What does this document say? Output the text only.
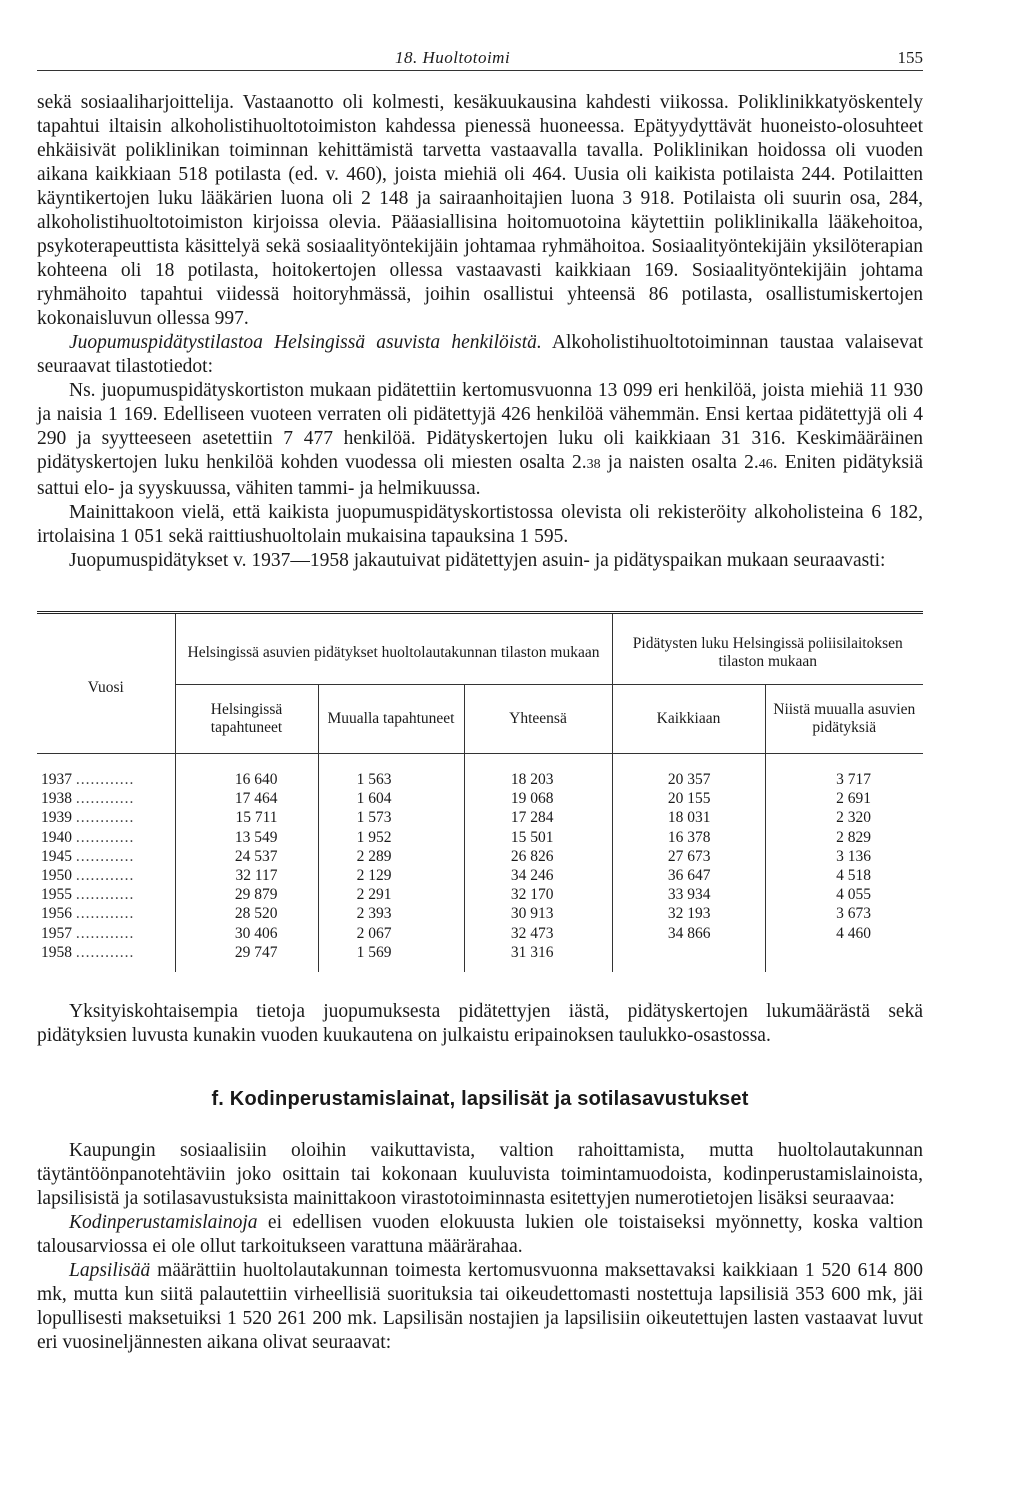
18. Huoltotoimi	155

sekä sosiaaliharjoittelija. Vastaanotto oli kolmesti, kesäkuukausina kahdesti viikossa. Poliklinikkatyöskentely tapahtui iltaisin alkoholistihuoltotoimiston kahdessa pienessä huoneessa. Epätyydyttävät huoneisto-olosuhteet ehkäisivät poliklinikan toiminnan kehittämistä tarvetta vastaavalla tavalla. Poliklinikan hoidossa oli vuoden aikana kaikkiaan 518 potilasta (ed. v. 460), joista miehiä oli 464. Uusia oli kaikista potilaista 244. Potilaitten käyntikertojen luku lääkärien luona oli 2 148 ja sairaanhoitajien luona 3 918. Potilaista oli suurin osa, 284, alkoholistihuoltotoimiston kirjoissa olevia. Pääasiallisina hoitomuotoina käytettiin poliklinikalla lääkehoitoa, psykoterapeuttista käsittelyä sekä sosiaalityöntekijäin johtamaa ryhmähoitoa. Sosiaalityöntekijäin yksilöterapian kohteena oli 18 potilasta, hoitokertojen ollessa vastaavasti kaikkiaan 169. Sosiaalityöntekijäin johtama ryhmähoito tapahtui viidessä hoitoryhmässä, joihin osallistui yhteensä 86 potilasta, osallistumiskertojen kokonaisluvun ollessa 997.

Juopumuspidätystilastoa Helsingissä asuvista henkilöistä. Alkoholistihuoltotoiminnan taustaa valaisevat seuraavat tilastotiedot:

Ns. juopumuspidätyskortiston mukaan pidätettiin kertomusvuonna 13 099 eri henkilöä, joista miehiä 11 930 ja naisia 1 169. Edelliseen vuoteen verraten oli pidätettyjä 426 henkilöä vähemmän. Ensi kertaa pidätettyjä oli 4 290 ja syytteeseen asetettiin 7 477 henkilöä. Pidätyskertojen luku oli kaikkiaan 31 316. Keskimääräinen pidätyskertojen luku henkilöä kohden vuodessa oli miesten osalta 2.38 ja naisten osalta 2.46. Eniten pidätyksiä sattui elo- ja syyskuussa, vähiten tammi- ja helmikuussa.

Mainittakoon vielä, että kaikista juopumuspidätyskortistossa olevista oli rekisteröity alkoholisteina 6 182, irtolaisina 1 051 sekä raittiushuoltolain mukaisina tapauksina 1 595.

Juopumuspidätykset v. 1937—1958 jakautuivat pidätettyjen asuin- ja pidätyspaikan mukaan seuraavasti:

Vuosi	Helsingissä asuvien pidätykset huoltolautakunnan tilaston mukaan			Pidätysten luku Helsingissä poliisilaitoksen tilaston mukaan	
	Helsingissä tapahtuneet	Muualla tapahtuneet	Yhteensä	Kaikkiaan	Niistä muualla asuvien pidätyksiä
1937 ............	16 640	1 563	18 203	20 357	3 717
1938 ............	17 464	1 604	19 068	20 155	2 691
1939 ............	15 711	1 573	17 284	18 031	2 320
1940 ............	13 549	1 952	15 501	16 378	2 829
1945 ............	24 537	2 289	26 826	27 673	3 136
1950 ............	32 117	2 129	34 246	36 647	4 518
1955 ............	29 879	2 291	32 170	33 934	4 055
1956 ............	28 520	2 393	30 913	32 193	3 673
1957 ............	30 406	2 067	32 473	34 866	4 460
1958 ............	29 747	1 569	31 316		

Yksityiskohtaisempia tietoja juopumuksesta pidätettyjen iästä, pidätyskertojen lukumäärästä sekä pidätyksien luvusta kunakin vuoden kuukautena on julkaistu eripainoksen taulukko-osastossa.

f. Kodinperustamislainat, lapsilisät ja sotilasavustukset

Kaupungin sosiaalisiin oloihin vaikuttavista, valtion rahoittamista, mutta huoltolautakunnan täytäntöönpanotehtäviin joko osittain tai kokonaan kuuluvista toimintamuodoista, kodinperustamislainoista, lapsilisistä ja sotilasavustuksista mainittakoon virastotoiminnasta esitettyjen numerotietojen lisäksi seuraavaa:

Kodinperustamislainoja ei edellisen vuoden elokuusta lukien ole toistaiseksi myönnetty, koska valtion talousarviossa ei ole ollut tarkoitukseen varattuna määrärahaa.

Lapsilisää määrättiin huoltolautakunnan toimesta kertomusvuonna maksettavaksi kaikkiaan 1 520 614 800 mk, mutta kun siitä palautettiin virheellisiä suorituksia tai oikeudettomasti nostettuja lapsilisiä 353 600 mk, jäi lopullisesti maksetuiksi 1 520 261 200 mk. Lapsilisän nostajien ja lapsilisiin oikeutettujen lasten vastaavat luvut eri vuosineljännesten aikana olivat seuraavat:
